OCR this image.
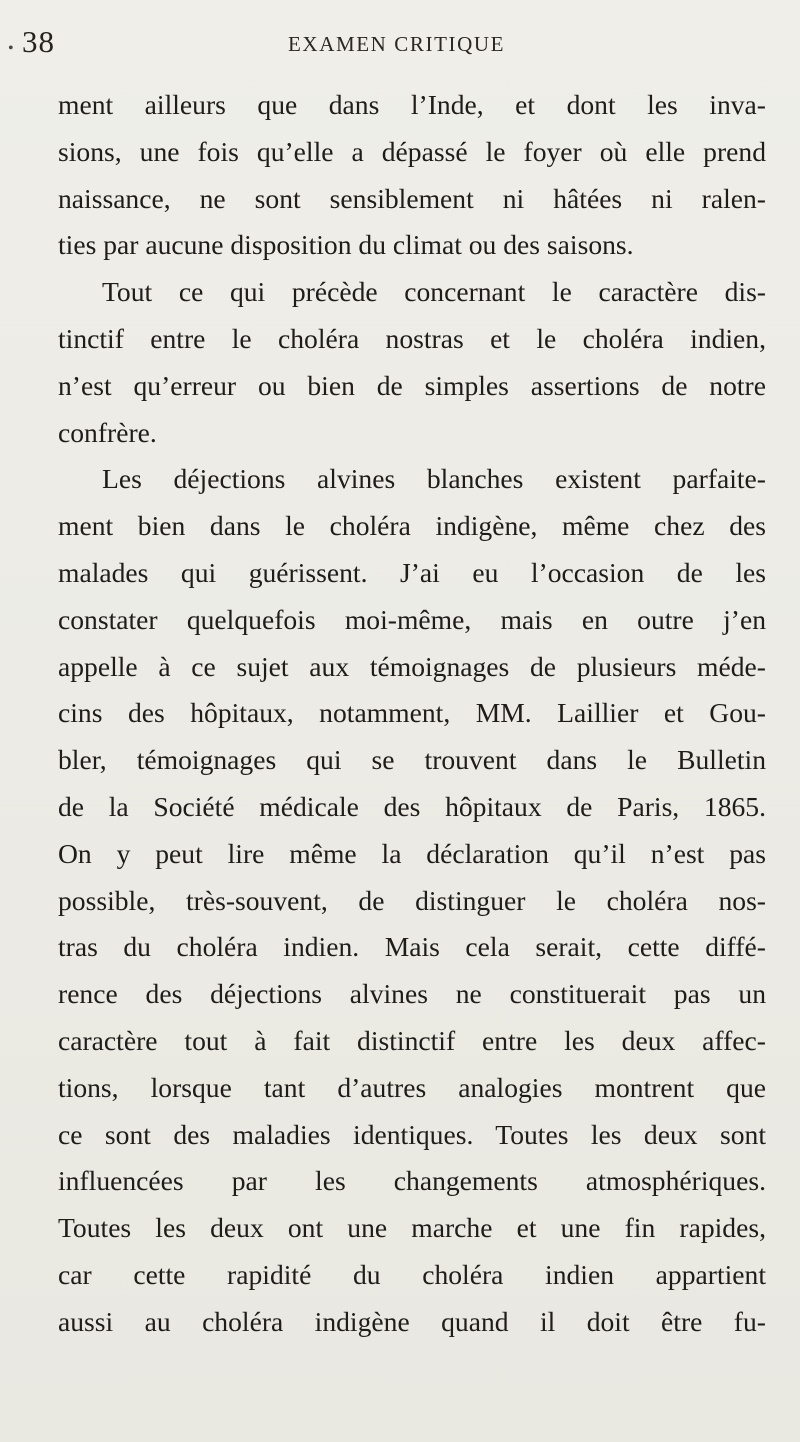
• 38	EXAMEN CRITIQUE
ment ailleurs que dans l’Inde, et dont les inva-
sions, une fois qu’elle a dépassé le foyer où elle prend
naissance, ne sont sensiblement ni hâtées ni ralen-
ties par aucune disposition du climat ou des saisons.
Tout ce qui précède concernant le caractère dis-
tinctif entre le choléra nostras et le choléra indien,
n’est qu’erreur ou bien de simples assertions de notre
confrère.
Les déjections alvines blanches existent parfaite-
ment bien dans le choléra indigène, même chez des
malades qui guérissent. J’ai eu l’occasion de les
constater quelquefois moi-même, mais en outre j’en
appelle à ce sujet aux témoignages de plusieurs méde-
cins des hôpitaux, notamment, MM. Laillier et Gou-
bler, témoignages qui se trouvent dans le Bulletin
de la Société médicale des hôpitaux de Paris, 1865.
On y peut lire même la déclaration qu’il n’est pas
possible, très-souvent, de distinguer le choléra nos-
tras du choléra indien. Mais cela serait, cette diffé-
rence des déjections alvines ne constituerait pas un
caractère tout à fait distinctif entre les deux affec-
tions, lorsque tant d’autres analogies montrent que
ce sont des maladies identiques. Toutes les deux sont
influencées par les changements atmosphériques.
Toutes les deux ont une marche et une fin rapides,
car cette rapidité du choléra indien appartient
aussi au choléra indigène quand il doit être fu-
